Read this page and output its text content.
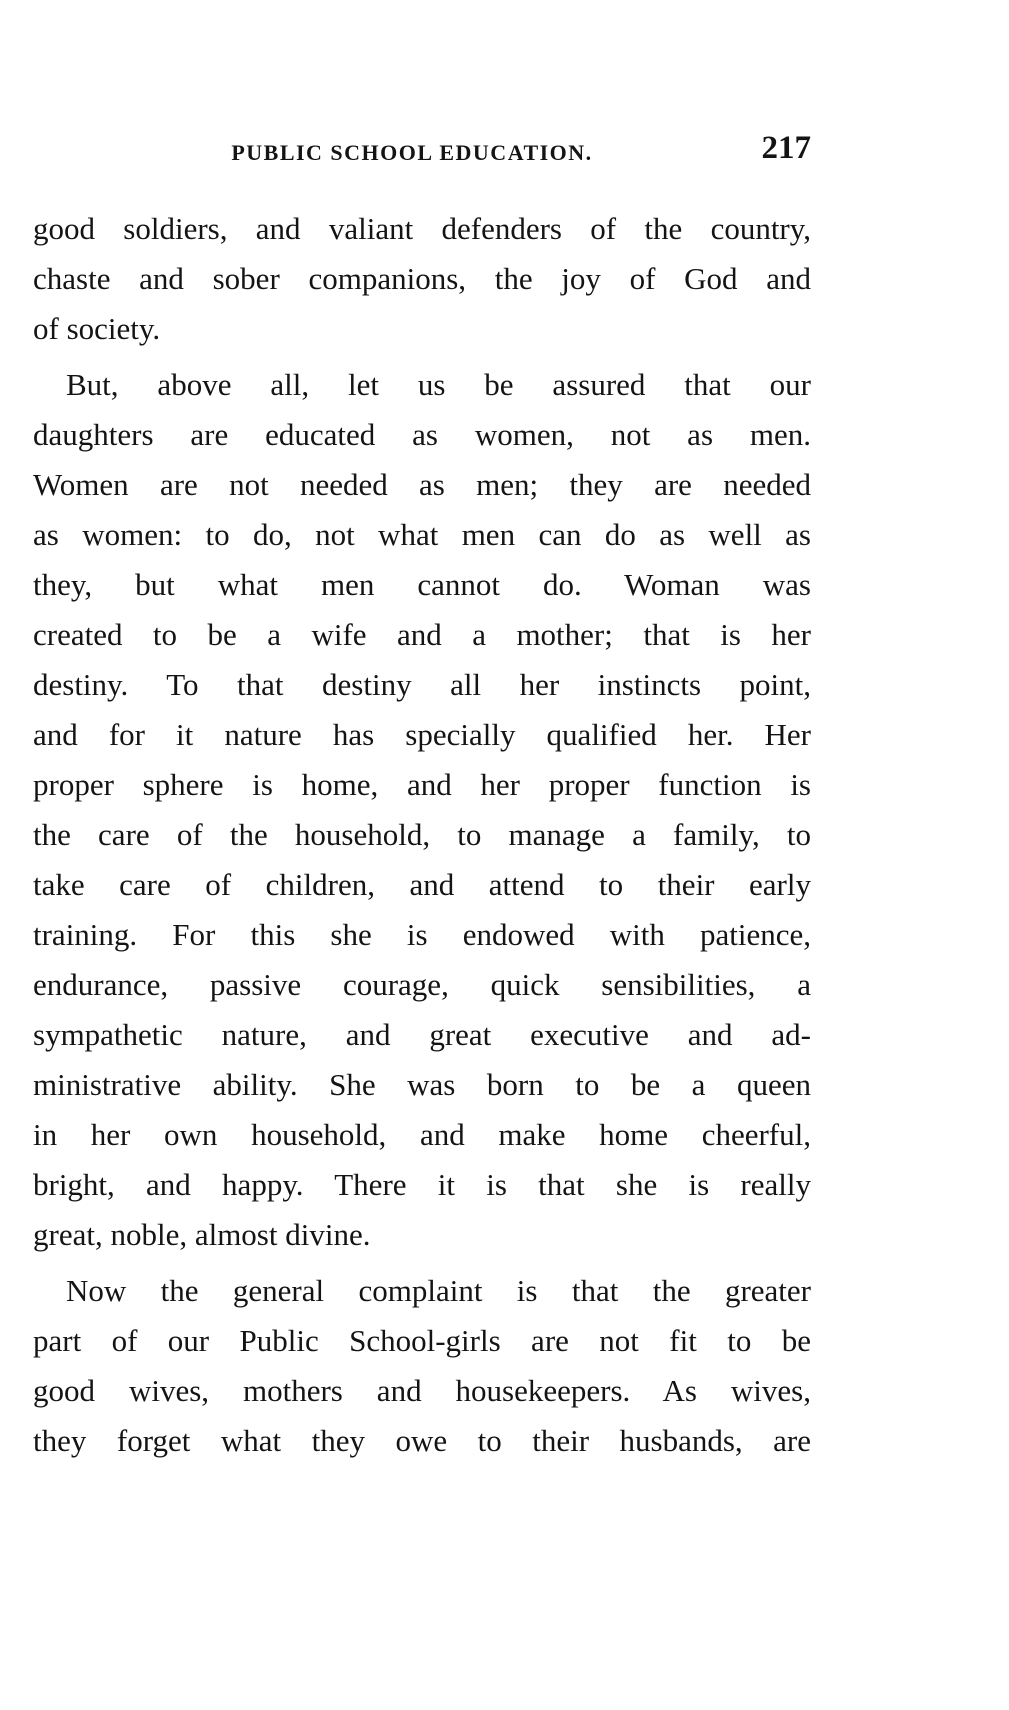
PUBLIC SCHOOL EDUCATION.	217
good soldiers, and valiant defenders of the country,
chaste and sober companions, the joy of God and
of society.
But, above all, let us be assured that our
daughters are educated as women, not as men.
Women are not needed as men; they are needed
as women: to do, not what men can do as well as
they, but what men cannot do. Woman was
created to be a wife and a mother; that is her
destiny. To that destiny all her instincts point,
and for it nature has specially qualified her. Her
proper sphere is home, and her proper function is
the care of the household, to manage a family, to
take care of children, and attend to their early
training. For this she is endowed with patience,
endurance, passive courage, quick sensibilities, a
sympathetic nature, and great executive and ad-
ministrative ability. She was born to be a queen
in her own household, and make home cheerful,
bright, and happy. There it is that she is really
great, noble, almost divine.
Now the general complaint is that the greater
part of our Public School-girls are not fit to be
good wives, mothers and housekeepers. As wives,
they forget what they owe to their husbands, are
